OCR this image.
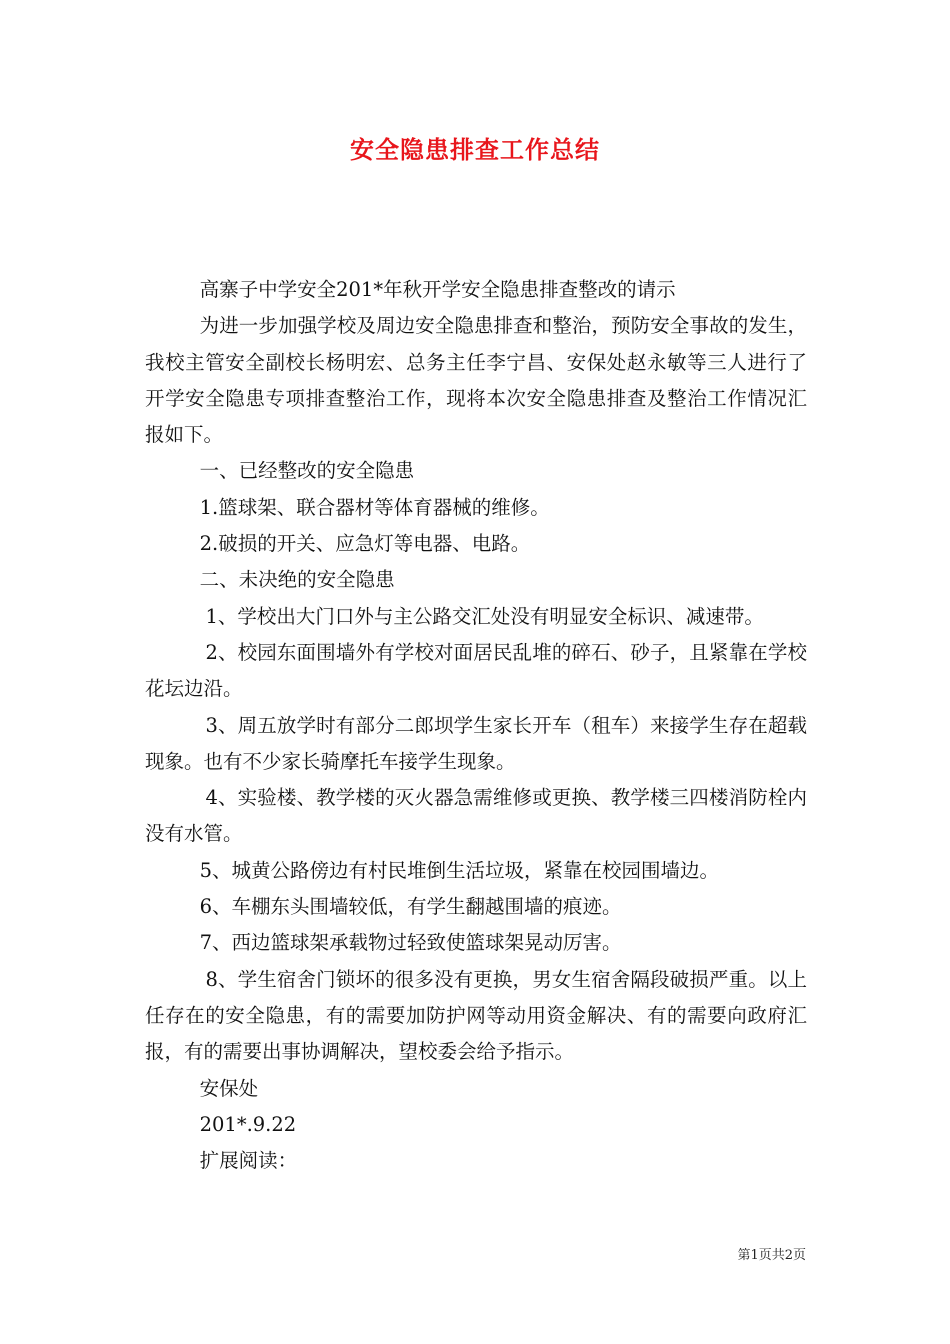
安全隐患排查工作总结

高寨子中学安全201*年秋开学安全隐患排查整改的请示

为进一步加强学校及周边安全隐患排查和整治，预防安全事故的发生，我校主管安全副校长杨明宏、总务主任李宁昌、安保处赵永敏等三人进行了开学安全隐患专项排查整治工作，现将本次安全隐患排查及整治工作情况汇报如下。

一、已经整改的安全隐患

1.篮球架、联合器材等体育器械的维修。

2.破损的开关、应急灯等电器、电路。

二、未决绝的安全隐患

1、学校出大门口外与主公路交汇处没有明显安全标识、减速带。

2、校园东面围墙外有学校对面居民乱堆的碎石、砂子，且紧靠在学校花坛边沿。

3、周五放学时有部分二郎坝学生家长开车（租车）来接学生存在超载现象。也有不少家长骑摩托车接学生现象。

4、实验楼、教学楼的灭火器急需维修或更换、教学楼三四楼消防栓内没有水管。

5、城黄公路傍边有村民堆倒生活垃圾，紧靠在校园围墙边。

6、车棚东头围墙较低，有学生翻越围墙的痕迹。

7、西边篮球架承载物过轻致使篮球架晃动厉害。

8、学生宿舍门锁坏的很多没有更换，男女生宿舍隔段破损严重。以上任存在的安全隐患，有的需要加防护网等动用资金解决、有的需要向政府汇报，有的需要出事协调解决，望校委会给予指示。

安保处

201*.9.22

扩展阅读：

第1页共2页
